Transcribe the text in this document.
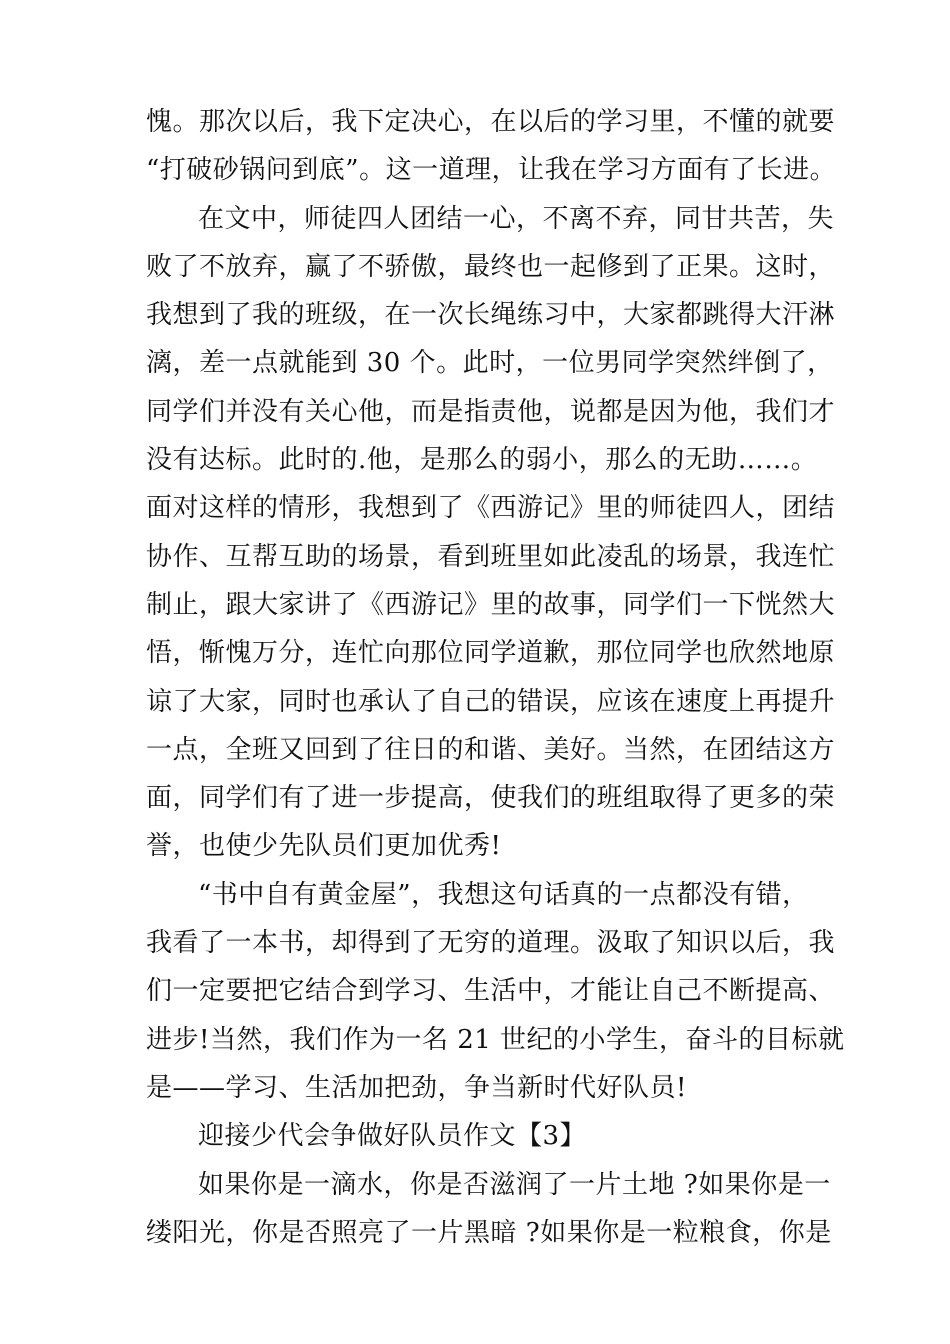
愧。那次以后，我下定决心，在以后的学习里，不懂的就要
“打破砂锅问到底”。这一道理，让我在学习方面有了长进。
在文中，师徒四人团结一心，不离不弃，同甘共苦，失
败了不放弃，赢了不骄傲，最终也一起修到了正果。这时，
我想到了我的班级，在一次长绳练习中，大家都跳得大汗淋
漓，差一点就能到 30 个。此时，一位男同学突然绊倒了，
同学们并没有关心他，而是指责他，说都是因为他，我们才
没有达标。此时的.他，是那么的弱小，那么的无助……。
面对这样的情形，我想到了《西游记》里的师徒四人，团结
协作、互帮互助的场景，看到班里如此凌乱的场景，我连忙
制止，跟大家讲了《西游记》里的故事，同学们一下恍然大
悟，惭愧万分，连忙向那位同学道歉，那位同学也欣然地原
谅了大家，同时也承认了自己的错误，应该在速度上再提升
一点，全班又回到了往日的和谐、美好。当然，在团结这方
面，同学们有了进一步提高，使我们的班组取得了更多的荣
誉，也使少先队员们更加优秀!
“书中自有黄金屋”，我想这句话真的一点都没有错，
我看了一本书，却得到了无穷的道理。汲取了知识以后，我
们一定要把它结合到学习、生活中，才能让自己不断提高、
进步!当然，我们作为一名 21 世纪的小学生，奋斗的目标就
是——学习、生活加把劲，争当新时代好队员!
迎接少代会争做好队员作文【3】
如果你是一滴水，你是否滋润了一片土地 ?如果你是一
缕阳光，你是否照亮了一片黑暗 ?如果你是一粒粮食，你是
